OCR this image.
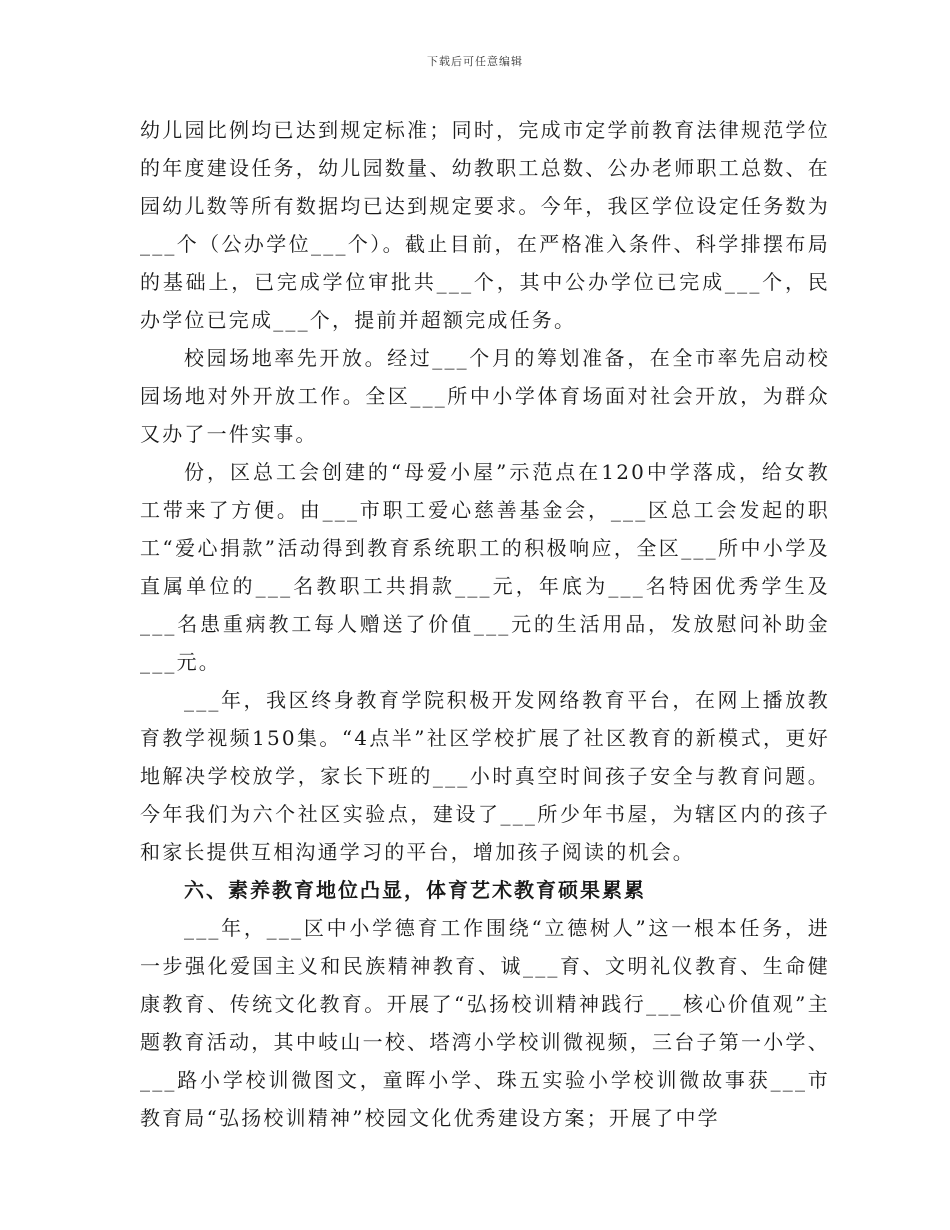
下载后可任意编辑

幼儿园比例均已达到规定标准；同时，完成市定学前教育法律规范学位的年度建设任务，幼儿园数量、幼教职工总数、公办老师职工总数、在园幼儿数等所有数据均已达到规定要求。今年，我区学位设定任务数为___个（公办学位___个）。截止目前，在严格准入条件、科学排摆布局的基础上，已完成学位审批共___个，其中公办学位已完成___个，民办学位已完成___个，提前并超额完成任务。

校园场地率先开放。经过___个月的筹划准备，在全市率先启动校园场地对外开放工作。全区___所中小学体育场面对社会开放，为群众又办了一件实事。

份，区总工会创建的“母爱小屋”示范点在120中学落成，给女教工带来了方便。由___市职工爱心慈善基金会，___区总工会发起的职工“爱心捐款”活动得到教育系统职工的积极响应，全区___所中小学及直属单位的___名教职工共捐款___元，年底为___名特困优秀学生及___名患重病教工每人赠送了价值___元的生活用品，发放慰问补助金___元。

___年，我区终身教育学院积极开发网络教育平台，在网上播放教育教学视频150集。“4点半”社区学校扩展了社区教育的新模式，更好地解决学校放学，家长下班的___小时真空时间孩子安全与教育问题。今年我们为六个社区实验点，建设了___所少年书屋，为辖区内的孩子和家长提供互相沟通学习的平台，增加孩子阅读的机会。

六、素养教育地位凸显，体育艺术教育硕果累累

___年，___区中小学德育工作围绕“立德树人”这一根本任务，进一步强化爱国主义和民族精神教育、诚___育、文明礼仪教育、生命健康教育、传统文化教育。开展了“弘扬校训精神践行___核心价值观”主题教育活动，其中岐山一校、塔湾小学校训微视频，三台子第一小学、___路小学校训微图文，童晖小学、珠五实验小学校训微故事获___市教育局“弘扬校训精神”校园文化优秀建设方案；开展了中学
